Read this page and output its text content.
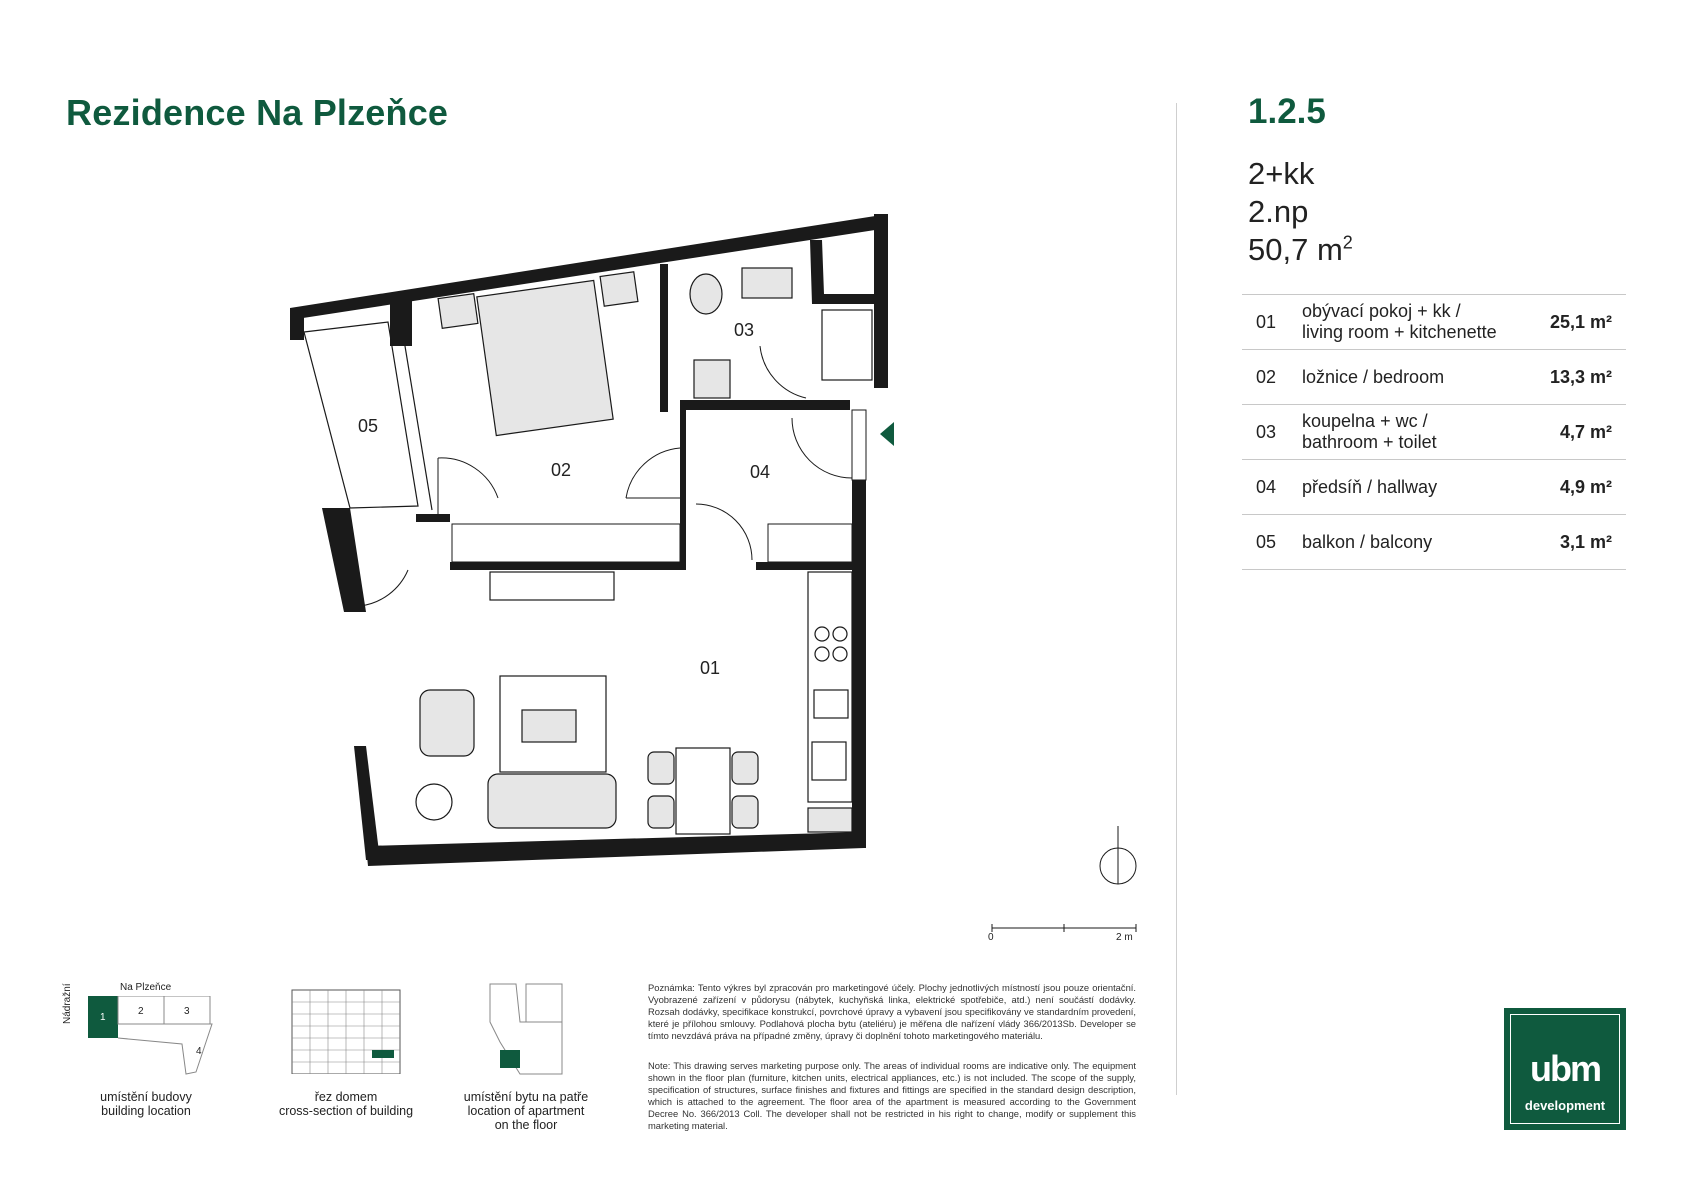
Rezidence Na Plzeňce	1.2.5
2+kk
2.np
50,7 $m^2$
01
obývací pokoj + kk /
living room + kitchenette	25,1 m²
02 ložnice / bedroom	13,3 m²
03
koupelna + wc /
bathroom + toilet	4,7 m²
04 předsíň / hallway	4,9 m²
05 balkon / balcony	3,1 m²
05
02
03
04
01
0	2 m
Na Plzeňce
Nádražní	1
2	3
4
umístění budovy
building location
řez domem
cross-section of building
umístění bytu na patře
location of apartment
on the floor
Poznámka: Tento výkres byl zpracován pro marketingové účely. Plochy jednotlivých místností jsou pouze orientační. Vyobrazené zařízení v půdorysu (nábytek, kuchyňská linka, elektrické spotřebiče, atd.) není součástí dodávky. Rozsah dodávky, specifikace konstrukcí, povrchové úpravy a vybavení jsou specifikovány ve standardním provedení, které je přílohou smlouvy. Podlahová plocha bytu (ateliéru) je měřena dle nařízení vlády 366/2013Sb. Developer se tímto nevzdává práva na případné změny, úpravy či doplnění tohoto marketingového materiálu.
Note: This drawing serves marketing purpose only. The areas of individual rooms are indicative only. The equipment shown in the floor plan (furniture, kitchen units, electrical appliances, etc.) is not included. The scope of the supply, specification of structures, surface finishes and fixtures and fittings are specified in the standard design description, which is attached to the agreement. The floor area of the apartment is measured according to the Government Decree No. 366/2013 Coll. The developer shall not be restricted in his right to change, modify or supplement this marketing material.
ubm
development
